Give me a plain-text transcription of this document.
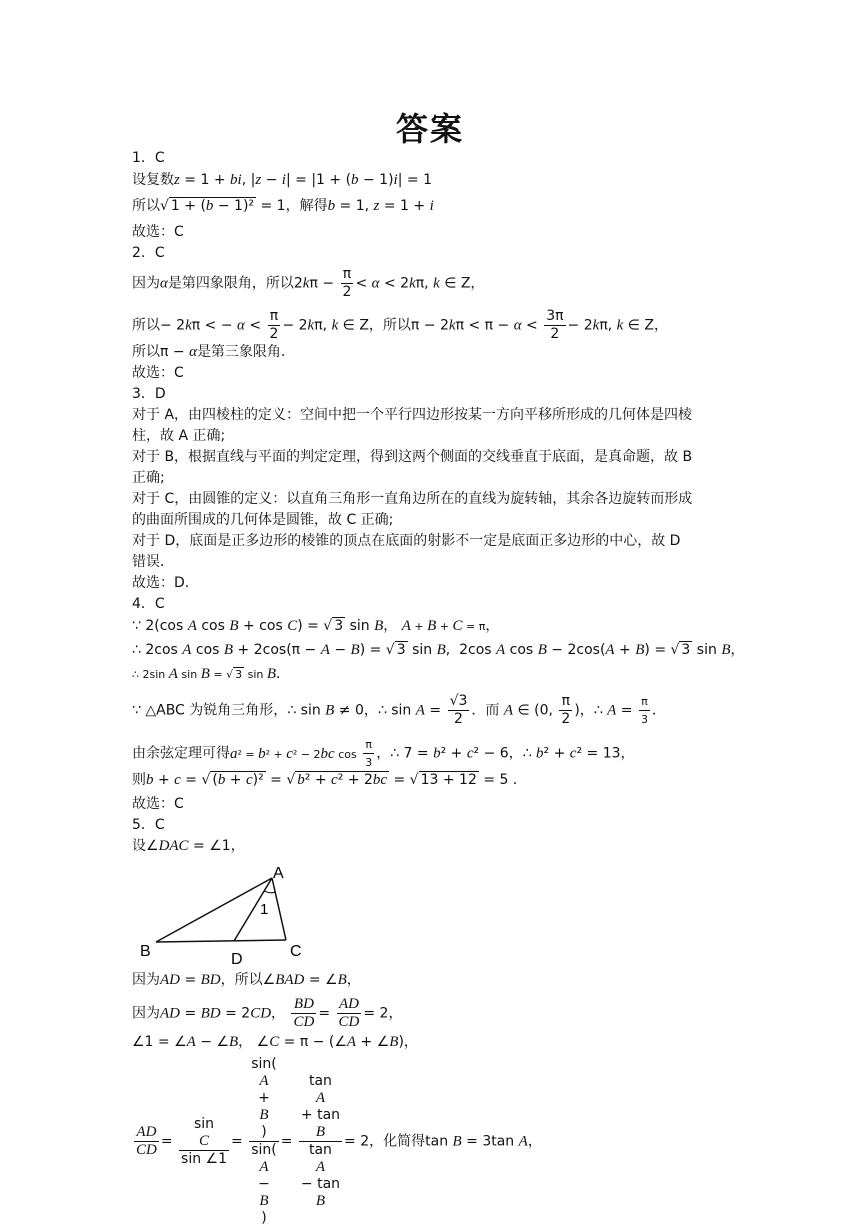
答案
1．C
设复数z = 1 + bi, |z − i| = |1 + (b − 1)i| = 1
所以√ 1 + (b − 1)² = 1，解得b = 1, z = 1 + i
故选：C
2．C
因为α是第四象限角，所以$2k\pi - \frac{\pi}{2} < \alpha < 2k\pi$, k ∈ Z，
所以− 2kπ < − $\alpha < \frac{\pi}{2} - 2k\pi$, k ∈ Z，所以$\pi - 2k\pi < \pi - \alpha < \frac{3\pi}{2} - 2k\pi$, k ∈ Z，
所以π − α是第三象限角.
故选：C
3．D
对于 A，由四棱柱的定义：空间中把一个平行四边形按某一方向平移所形成的几何体是四棱
柱，故 A 正确;
对于 B，根据直线与平面的判定定理，得到这两个侧面的交线垂直于底面，是真命题，故 B
正确;
对于 C，由圆锥的定义：以直角三角形一直角边所在的直线为旋转轴，其余各边旋转而形成
的曲面所围成的几何体是圆锥，故 C 正确;
对于 D，底面是正多边形的棱锥的顶点在底面的射影不一定是底面正多边形的中心，故 D
错误．
故选：D．
4．C
∵ 2(cos A cos B + cos C) = √ 3 sin B， A + B + C = π，
∴ 2cos A cos B + 2cos(π − A − B) = √ 3 sin B,  2cos A cos B − 2cos(A + B) = √ 3 sin B，
∴ 2sin A sin B = √ 3 sin B．
∵ △ABC 为锐角三角形，∴ sin B ≠ 0，∴ $\sin A = \frac{√3}{2}$ ．而 A ∈ (0, $\frac{\pi}{2}$ )，∴ $A = \frac{\pi}{3}$ ．
由余弦定理可得a² = b² + c² − 2bc $\cos \frac{\pi}{3}$ ，∴ 7 = b² + c² − 6，∴ b² + c² = 13，
则b + c = √ (b + c)² = √ b² + c² + 2bc = √ 13 + 12 = 5 ．
故选：C
5．C
设∠DAC = ∠1，
A
B	C
D
1
因为AD = BD，所以∠BAD = ∠B，
因为AD = BD = 2CD， $\frac{BD}{CD} = \frac{AD}{CD} = 2$，
∠1 = ∠A − ∠B， ∠C = π − (∠A + ∠B)，
$\frac{AD}{CD} = \sin$
C
sin ∠1 = sin(
A
+
B
)
sin(
A
−
B
) = tan
A
+ tan
B
tan
A
− tan
B = 2，化简得tan B = 3tan A，
